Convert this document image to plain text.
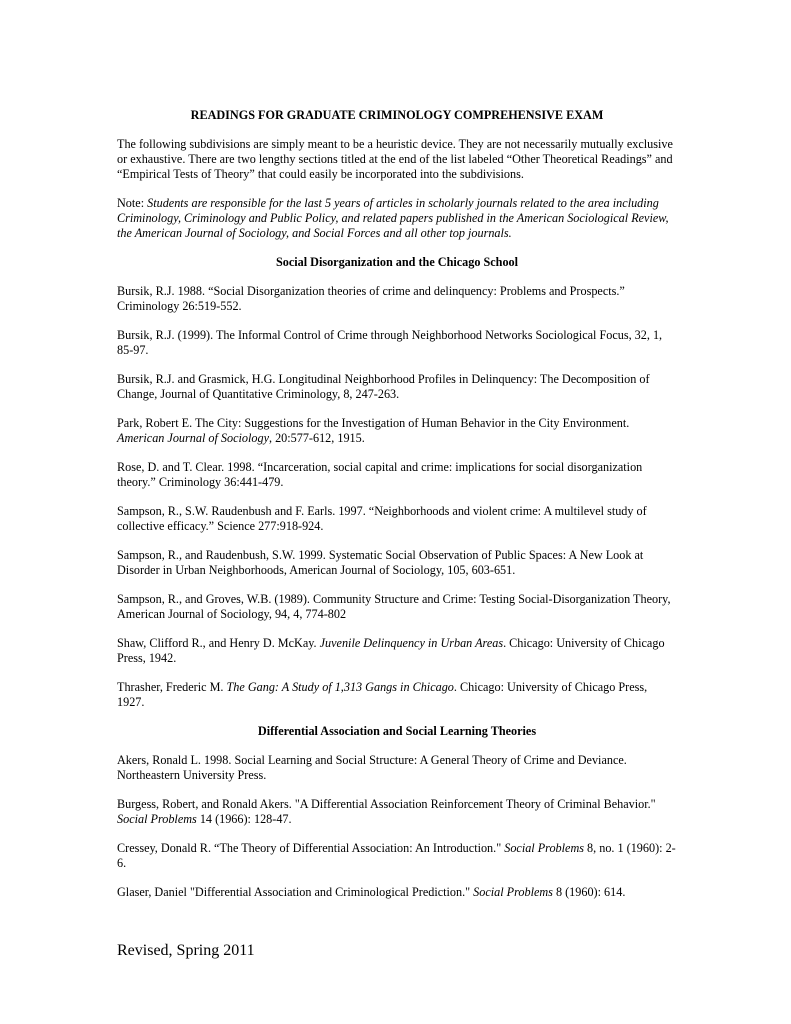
READINGS FOR GRADUATE CRIMINOLOGY COMPREHENSIVE EXAM
The following subdivisions are simply meant to be a heuristic device. They are not necessarily mutually exclusive or exhaustive. There are two lengthy sections titled at the end of the list labeled “Other Theoretical Readings” and “Empirical Tests of Theory” that could easily be incorporated into the subdivisions.
Note: Students are responsible for the last 5 years of articles in scholarly journals related to the area including Criminology, Criminology and Public Policy, and related papers published in the American Sociological Review, the American Journal of Sociology, and Social Forces and all other top journals.
Social Disorganization and the Chicago School
Bursik, R.J. 1988. “Social Disorganization theories of crime and delinquency: Problems and Prospects.” Criminology 26:519-552.
Bursik, R.J. (1999). The Informal Control of Crime through Neighborhood Networks Sociological Focus, 32, 1, 85-97.
Bursik, R.J. and Grasmick, H.G. Longitudinal Neighborhood Profiles in Delinquency: The Decomposition of Change, Journal of Quantitative Criminology, 8, 247-263.
Park, Robert E. The City: Suggestions for the Investigation of Human Behavior in the City Environment. American Journal of Sociology, 20:577-612, 1915.
Rose, D. and T. Clear. 1998. “Incarceration, social capital and crime: implications for social disorganization theory.” Criminology 36:441-479.
Sampson, R., S.W. Raudenbush and F. Earls. 1997. “Neighborhoods and violent crime: A multilevel study of collective efficacy.” Science 277:918-924.
Sampson, R., and Raudenbush, S.W. 1999. Systematic Social Observation of Public Spaces: A New Look at Disorder in Urban Neighborhoods, American Journal of Sociology, 105, 603-651.
Sampson, R., and Groves, W.B. (1989). Community Structure and Crime: Testing Social-Disorganization Theory, American Journal of Sociology, 94, 4, 774-802
Shaw, Clifford R., and Henry D. McKay. Juvenile Delinquency in Urban Areas. Chicago: University of Chicago Press, 1942.
Thrasher, Frederic M. The Gang: A Study of 1,313 Gangs in Chicago. Chicago: University of Chicago Press, 1927.
Differential Association and Social Learning Theories
Akers, Ronald L. 1998. Social Learning and Social Structure: A General Theory of Crime and Deviance. Northeastern University Press.
Burgess, Robert, and Ronald Akers. "A Differential Association Reinforcement Theory of Criminal Behavior." Social Problems 14 (1966): 128-47.
Cressey, Donald R. “The Theory of Differential Association: An Introduction." Social Problems 8, no. 1 (1960): 2-6.
Glaser, Daniel "Differential Association and Criminological Prediction." Social Problems 8 (1960): 614.
Revised, Spring 2011
